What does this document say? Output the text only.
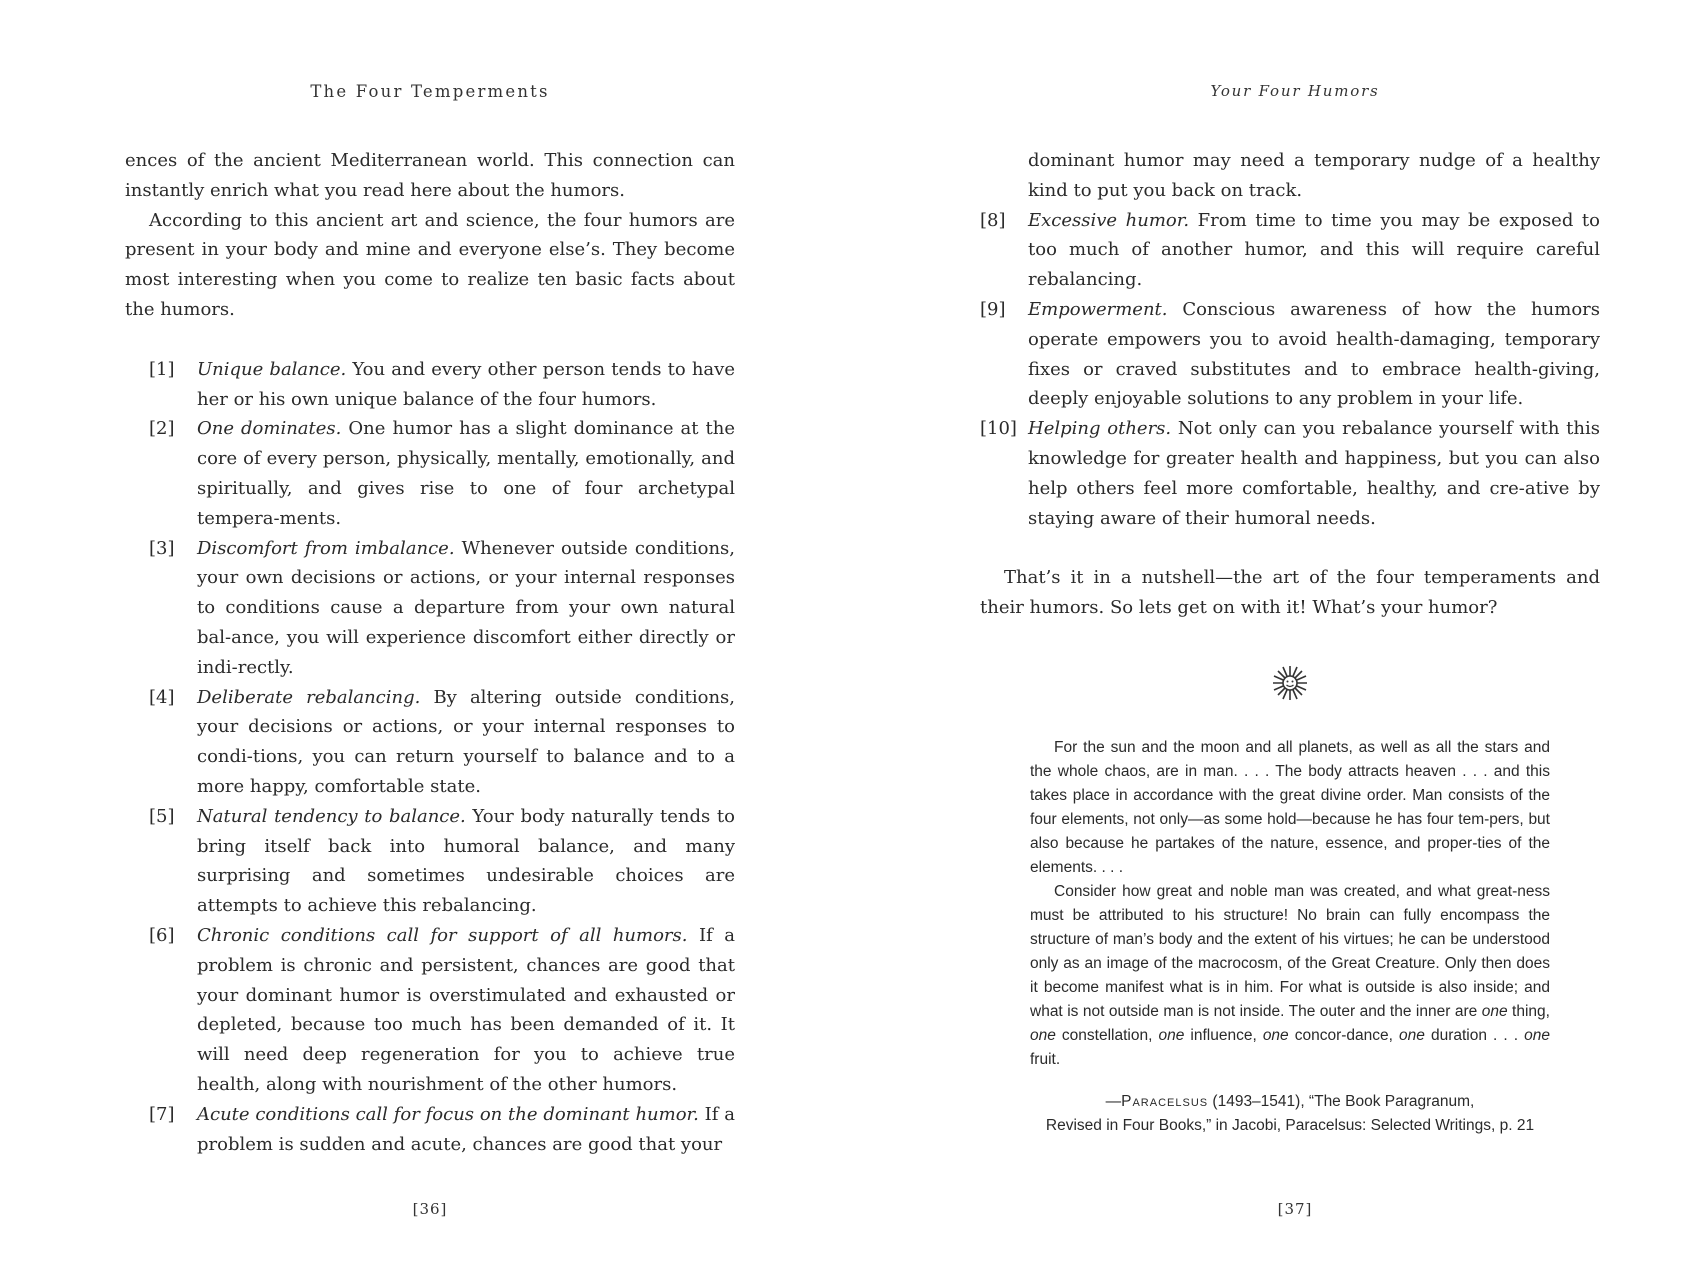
The Four Temperments

ences of the ancient Mediterranean world. This connection can instantly enrich what you read here about the humors.

According to this ancient art and science, the four humors are present in your body and mine and everyone else’s. They become most interesting when you come to realize ten basic facts about the humors.

[1]	Unique balance. You and every other person tends to have her or his own unique balance of the four humors.
[2]	One dominates. One humor has a slight dominance at the core of every person, physically, mentally, emotionally, and spiritually, and gives rise to one of four archetypal tempera-ments.
[3]	Discomfort from imbalance. Whenever outside conditions, your own decisions or actions, or your internal responses to conditions cause a departure from your own natural bal-ance, you will experience discomfort either directly or indi-rectly.
[4]	Deliberate rebalancing. By altering outside conditions, your decisions or actions, or your internal responses to condi-tions, you can return yourself to balance and to a more happy, comfortable state.
[5]	Natural tendency to balance. Your body naturally tends to bring itself back into humoral balance, and many surprising and sometimes undesirable choices are attempts to achieve this rebalancing.
[6]	Chronic conditions call for support of all humors. If a problem is chronic and persistent, chances are good that your dominant humor is overstimulated and exhausted or depleted, because too much has been demanded of it. It will need deep regeneration for you to achieve true health, along with nourishment of the other humors.
[7]	Acute conditions call for focus on the dominant humor. If a problem is sudden and acute, chances are good that your
[36]
Your Four Humors
dominant humor may need a temporary nudge of a healthy kind to put you back on track.
[8]	Excessive humor. From time to time you may be exposed to too much of another humor, and this will require careful rebalancing.
[9]	Empowerment. Conscious awareness of how the humors operate empowers you to avoid health-damaging, temporary fixes or craved substitutes and to embrace health-giving, deeply enjoyable solutions to any problem in your life.
[10] Helping others. Not only can you rebalance yourself with this knowledge for greater health and happiness, but you can also help others feel more comfortable, healthy, and cre-ative by staying aware of their humoral needs.

That’s it in a nutshell—the art of the four temperaments and their humors. So lets get on with it! What’s your humor?

For the sun and the moon and all planets, as well as all the stars and the whole chaos, are in man. . . . The body attracts heaven . . . and this takes place in accordance with the great divine order. Man consists of the four elements, not only—as some hold—because he has four tem-pers, but also because he partakes of the nature, essence, and proper-ties of the elements. . . .

Consider how great and noble man was created, and what great-ness must be attributed to his structure! No brain can fully encompass the structure of man’s body and the extent of his virtues; he can be understood only as an image of the macrocosm, of the Great Creature. Only then does it become manifest what is in him. For what is outside is also inside; and what is not outside man is not inside. The outer and the inner are one thing, one constellation, one influence, one concor-dance, one duration . . . one fruit.

—Paracelsus (1493–1541), “The Book Paragranum,
Revised in Four Books,” in Jacobi, Paracelsus: Selected Writings, p. 21
[37]
